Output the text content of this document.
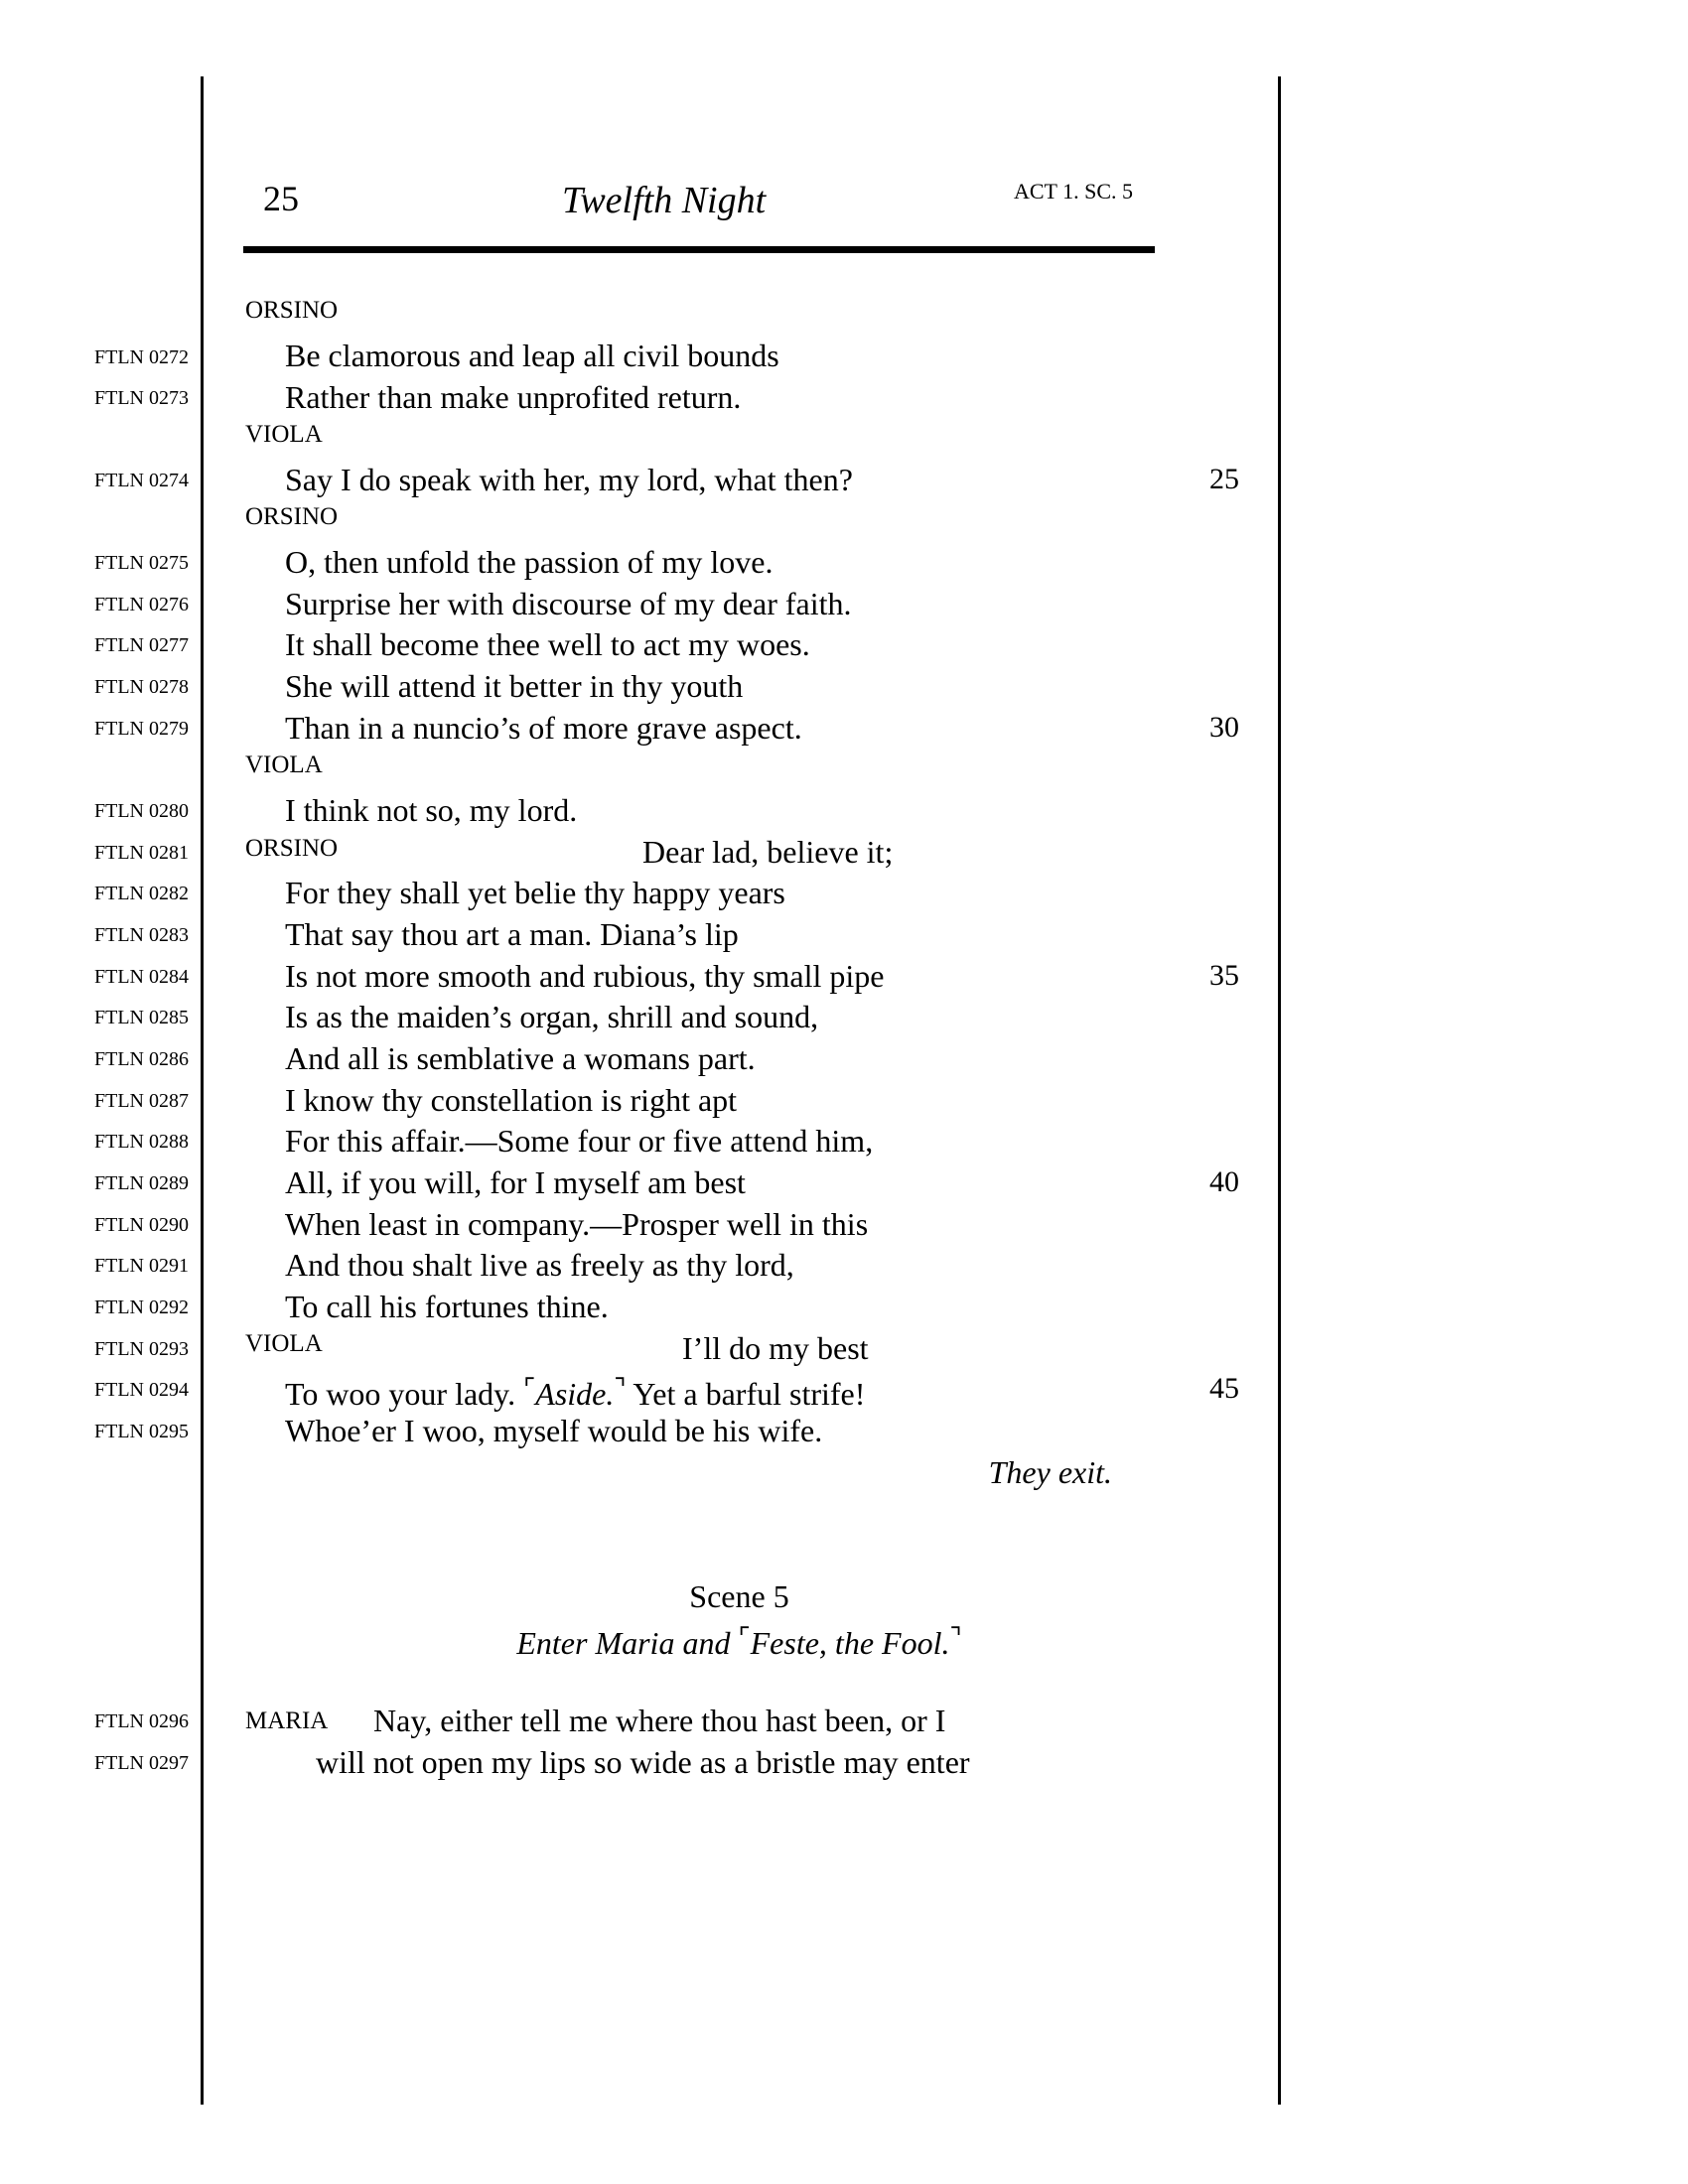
25	Twelfth Night	ACT 1. SC. 5
ORSINO
VIOLA
ORSINO
VIOLA
ORSINO
VIOLA
FTLN 0272
FTLN 0273
FTLN 0274
FTLN 0275
FTLN 0276
FTLN 0277
FTLN 0278
FTLN 0279
FTLN 0280
FTLN 0281
FTLN 0282
FTLN 0283
FTLN 0284
FTLN 0285
FTLN 0286
FTLN 0287
FTLN 0288
FTLN 0289
FTLN 0290
FTLN 0291
FTLN 0292
FTLN 0293
FTLN 0294
FTLN 0295
FTLN 0296
FTLN 0297
Be clamorous and leap all civil bounds
Rather than make unprofited return.
Say I do speak with her, my lord, what then?
O, then unfold the passion of my love.
Surprise her with discourse of my dear faith.
It shall become thee well to act my woes.
She will attend it better in thy youth
Than in a nuncio’s of more grave aspect.
I think not so, my lord.
Dear lad, believe it;
For they shall yet belie thy happy years
That say thou art a man. Diana’s lip
Is not more smooth and rubious, thy small pipe
Is as the maiden’s organ, shrill and sound,
And all is semblative a womans part.
I know thy constellation is right apt
For this affair.—Some four or five attend him,
All, if you will, for I myself am best
When least in company.—Prosper well in this
And thou shalt live as freely as thy lord,
To call his fortunes thine.
I’ll do my best
To woo your lady. ⌜Aside.⌝ Yet a barful strife!
Whoe’er I woo, myself would be his wife.
25
30
35
40
45
They exit.
Scene 5
Enter Maria and ⌜Feste, the Fool.⌝
MARIA Nay, either tell me where thou hast been, or I
will not open my lips so wide as a bristle may enter
